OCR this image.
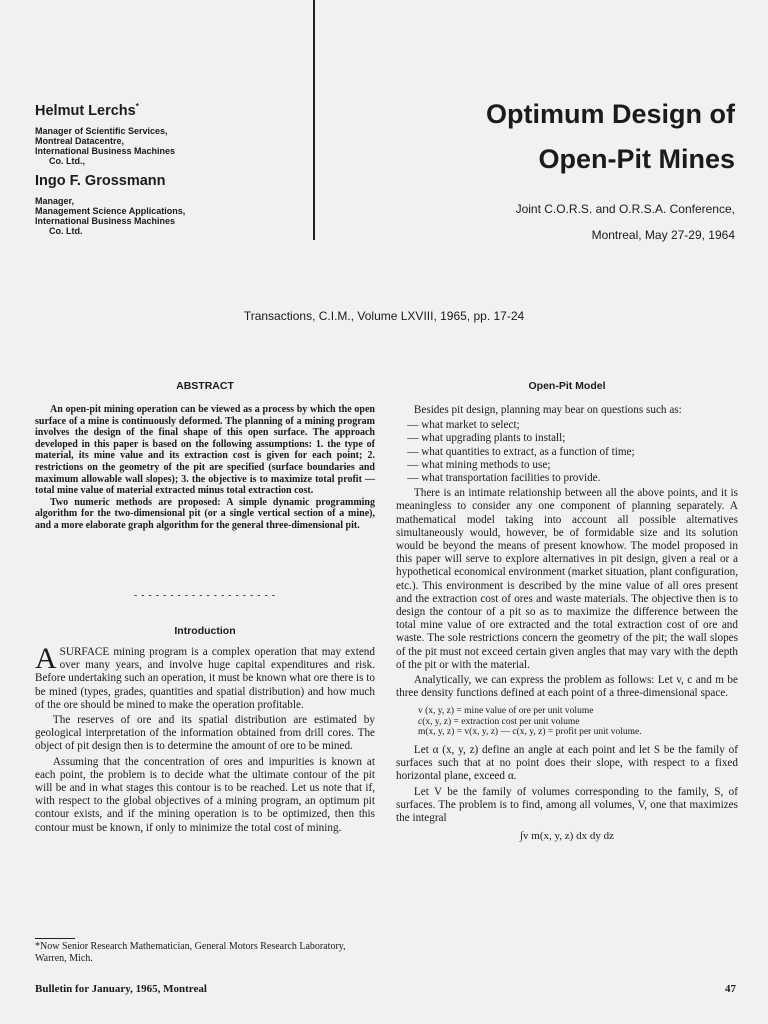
Helmut Lerchs*
Manager of Scientific Services,
Montreal Datacentre,
International Business Machines
Co. Ltd.,
Ingo F. Grossmann
Manager,
Management Science Applications,
International Business Machines
Co. Ltd.
Optimum Design of
Open-Pit Mines
Joint C.O.R.S. and O.R.S.A. Conference,
Montreal, May 27-29, 1964
Transactions, C.I.M., Volume LXVIII, 1965, pp. 17-24
ABSTRACT
An open-pit mining operation can be viewed as a process by which the open surface of a mine is continuously deformed. The planning of a mining program involves the design of the final shape of this open surface. The approach developed in this paper is based on the following assumptions: 1. the type of material, its mine value and its extraction cost is given for each point; 2. restrictions on the geometry of the pit are specified (surface boundaries and maximum allowable wall slopes); 3. the objective is to maximize total profit — total mine value of material extracted minus total extraction cost.
Two numeric methods are proposed: A simple dynamic programming algorithm for the two-dimensional pit (or a single vertical section of a mine), and a more elaborate graph algorithm for the general three-dimensional pit.
- - - - - - - - - - - - - - - - - - - -
Introduction

ASURFACE mining program is a complex operation that may extend over many years, and involve huge capital expenditures and risk. Before undertaking such an operation, it must be known what ore there is to be mined (types, grades, quantities and spatial distribution) and how much of the ore should be mined to make the operation profitable.

The reserves of ore and its spatial distribution are estimated by geological interpretation of the information obtained from drill cores. The object of pit design then is to determine the amount of ore to be mined.

Assuming that the concentration of ores and impurities is known at each point, the problem is to decide what the ultimate contour of the pit will be and in what stages this contour is to be reached. Let us note that if, with respect to the global objectives of a mining program, an optimum pit contour exists, and if the mining operation is to be optimized, then this contour must be known, if only to minimize the total cost of mining.

*Now Senior Research Mathematician, General Motors Research Laboratory, Warren, Mich.
Open-Pit Model

Besides pit design, planning may bear on questions such as:

— what market to select;
— what upgrading plants to install;
— what quantities to extract, as a function of time;
— what mining methods to use;
— what transportation facilities to provide.

There is an intimate relationship between all the above points, and it is meaningless to consider any one component of planning separately. A mathematical model taking into account all possible alternatives simultaneously would, however, be of formidable size and its solution would be beyond the means of present knowhow. The model proposed in this paper will serve to explore alternatives in pit design, given a real or a hypothetical economical environment (market situation, plant configuration, etc.). This environment is described by the mine value of all ores present and the extraction cost of ores and waste materials. The objective then is to design the contour of a pit so as to maximize the difference between the total mine value of ore extracted and the total extraction cost of ore and waste. The sole restrictions concern the geometry of the pit; the wall slopes of the pit must not exceed certain given angles that may vary with the depth of the pit or with the material.

Analytically, we can express the problem as follows: Let v, c and m be three density functions defined at each point of a three-dimensional space.

v (x, y, z) = mine value of ore per unit volume
c(x, y, z) = extraction cost per unit volume
m(x, y, z) = v(x, y, z) — c(x, y, z) = profit per unit volume.

Let α (x, y, z) define an angle at each point and let S be the family of surfaces such that at no point does their slope, with respect to a fixed horizontal plane, exceed α.

Let V be the family of volumes corresponding to the family, S, of surfaces. The problem is to find, among all volumes, V, one that maximizes the integral

∫v m(x, y, z) dx dy dz
Bulletin for January, 1965, Montreal	47
